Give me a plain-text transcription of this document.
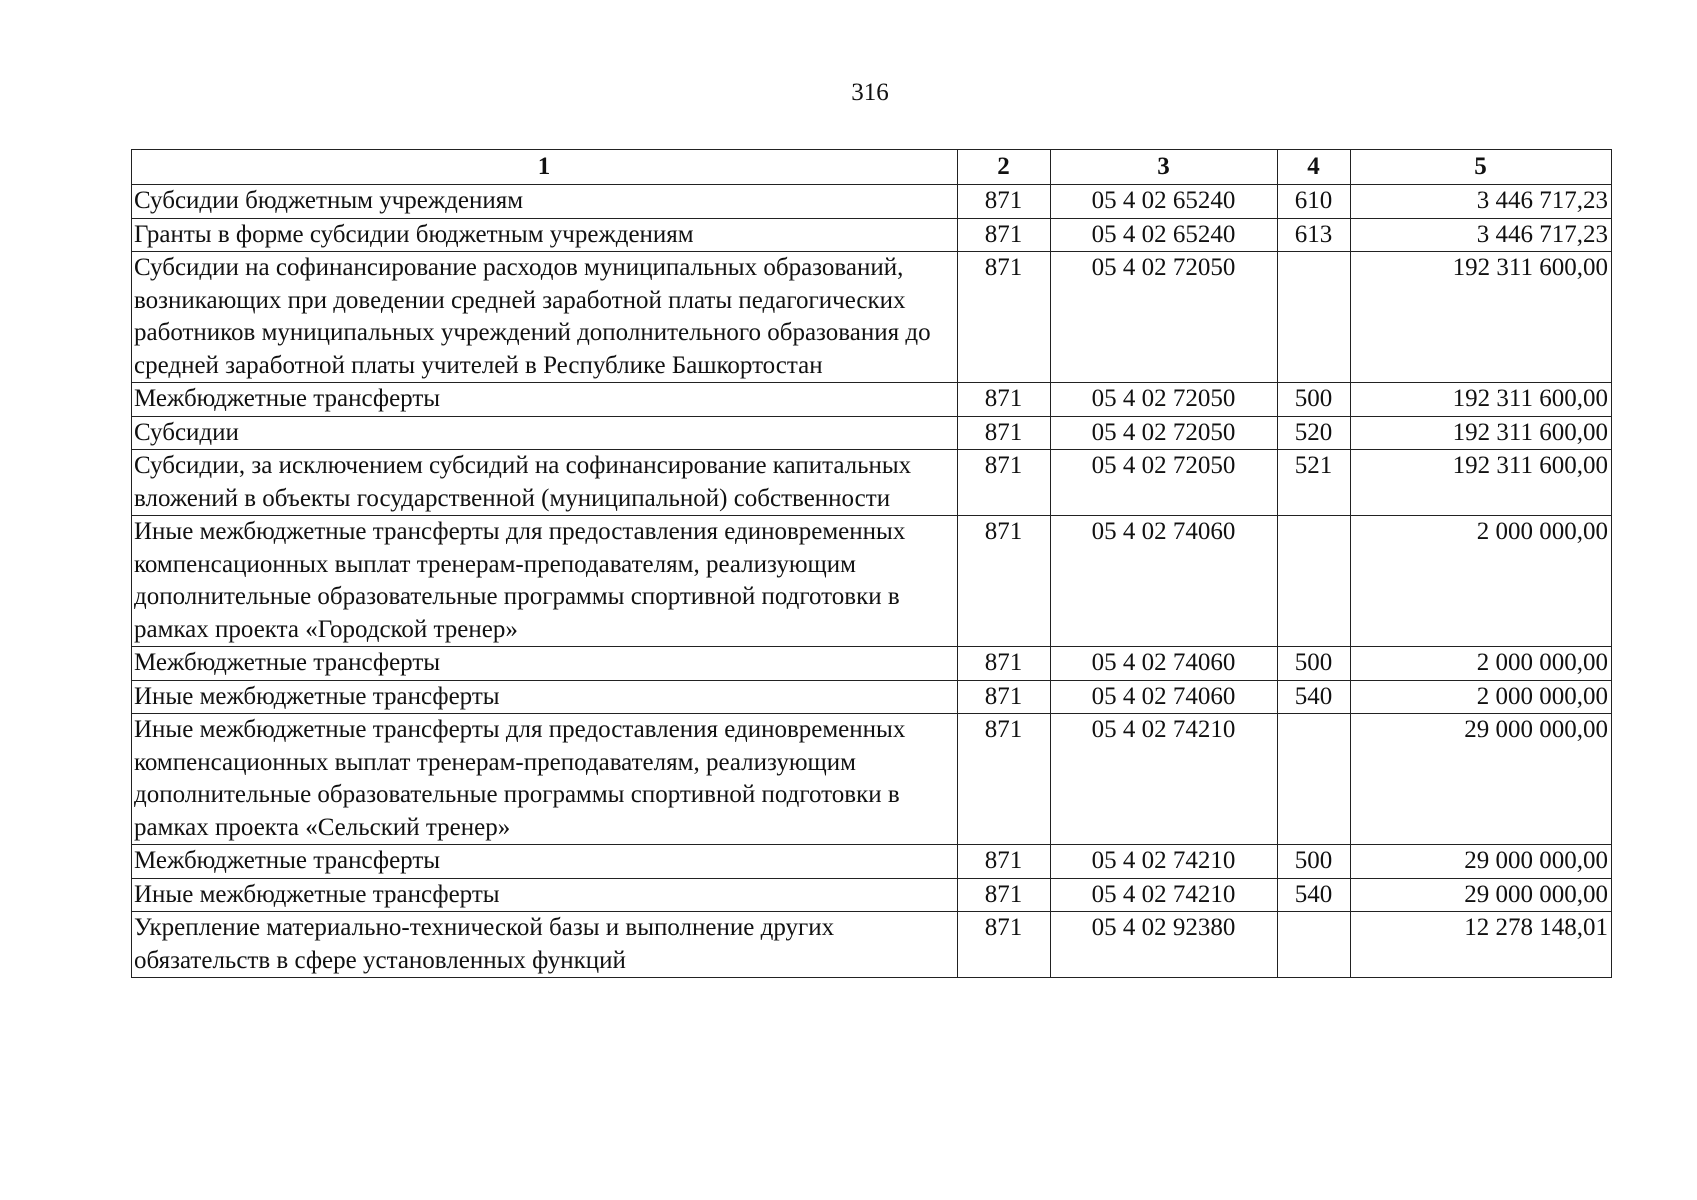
316
1	2	3	4	5
Субсидии бюджетным учреждениям	871	05 4 02 65240	610	3 446 717,23
Гранты в форме субсидии бюджетным учреждениям	871	05 4 02 65240	613	3 446 717,23
Субсидии на софинансирование расходов муниципальных образований, возникающих при доведении средней заработной платы педагогических работников муниципальных учреждений дополнительного образования до средней заработной платы учителей в Республике Башкортостан	871	05 4 02 72050		192 311 600,00
Межбюджетные трансферты	871	05 4 02 72050	500	192 311 600,00
Субсидии	871	05 4 02 72050	520	192 311 600,00
Субсидии, за исключением субсидий на софинансирование капитальных вложений в объекты государственной (муниципальной) собственности	871	05 4 02 72050	521	192 311 600,00
Иные межбюджетные трансферты для предоставления единовременных компенсационных выплат тренерам-преподавателям, реализующим дополнительные образовательные программы спортивной подготовки в рамках проекта «Городской тренер»	871	05 4 02 74060		2 000 000,00
Межбюджетные трансферты	871	05 4 02 74060	500	2 000 000,00
Иные межбюджетные трансферты	871	05 4 02 74060	540	2 000 000,00
Иные межбюджетные трансферты для предоставления единовременных компенсационных выплат тренерам-преподавателям, реализующим дополнительные образовательные программы спортивной подготовки в рамках проекта «Сельский тренер»	871	05 4 02 74210		29 000 000,00
Межбюджетные трансферты	871	05 4 02 74210	500	29 000 000,00
Иные межбюджетные трансферты	871	05 4 02 74210	540	29 000 000,00
Укрепление материально-технической базы и выполнение других обязательств в сфере установленных функций	871	05 4 02 92380		12 278 148,01
